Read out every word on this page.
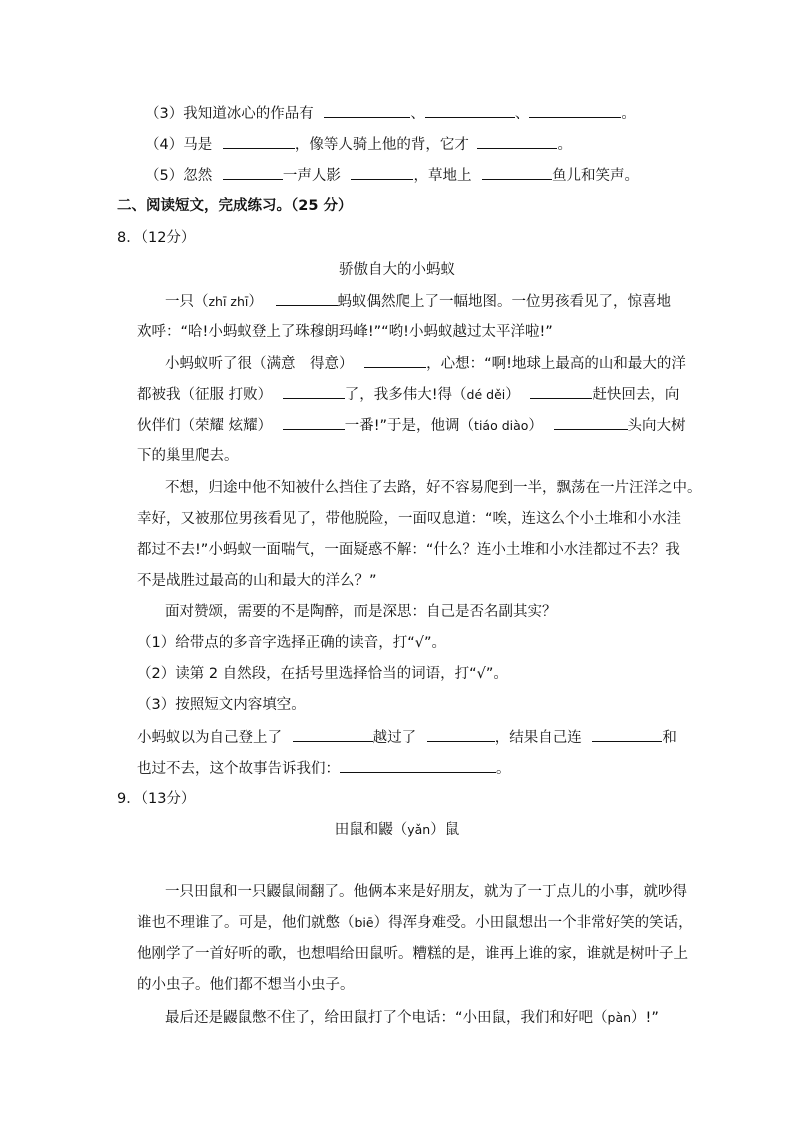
（3）我知道冰心的作品有	、	、	。
（4）马是	，像等人骑上他的背，它才	。
（5）忽然	一声人影	，草地上	鱼儿和笑声。
二、阅读短文，完成练习。（25 分）
8．（12分）
骄傲自大的小蚂蚁
一只（zhī zhī）	蚂蚁偶然爬上了一幅地图。一位男孩看见了，惊喜地
欢呼：“哈!小蚂蚁登上了珠穆朗玛峰!”“哟!小蚂蚁越过太平洋啦!”
小蚂蚁听了很（满意　得意）	，心想：“啊!地球上最高的山和最大的洋
都被我（征服 打败）	了，我多伟大!得（dé děi）	赶快回去，向
伙伴们（荣耀 炫耀）	一番!”于是，他调（tiáo diào）	头向大树
下的巢里爬去。
不想，归途中他不知被什么挡住了去路，好不容易爬到一半，飘荡在一片汪洋之中。
幸好，又被那位男孩看见了，带他脱险，一面叹息道：“唉，连这么个小土堆和小水洼
都过不去!”小蚂蚁一面喘气，一面疑惑不解：“什么？连小土堆和小水洼都过不去？我
不是战胜过最高的山和最大的洋么？”
面对赞颂，需要的不是陶醉，而是深思：自己是否名副其实？
（1）给带点的多音字选择正确的读音，打“√”。
（2）读第 2 自然段，在括号里选择恰当的词语，打“√”。
（3）按照短文内容填空。
小蚂蚁以为自己登上了	越过了	，结果自己连	和
也过不去，这个故事告诉我们：	。
9．（13分）
田鼠和鼹（yǎn）鼠
一只田鼠和一只鼹鼠闹翻了。他俩本来是好朋友，就为了一丁点儿的小事，就吵得
谁也不理谁了。可是，他们就憋（biē）得浑身难受。小田鼠想出一个非常好笑的笑话，
他刚学了一首好听的歌，也想唱给田鼠听。糟糕的是，谁再上谁的家，谁就是树叶子上
的小虫子。他们都不想当小虫子。
最后还是鼹鼠憋不住了，给田鼠打了个电话：“小田鼠，我们和好吧（pàn）!”
